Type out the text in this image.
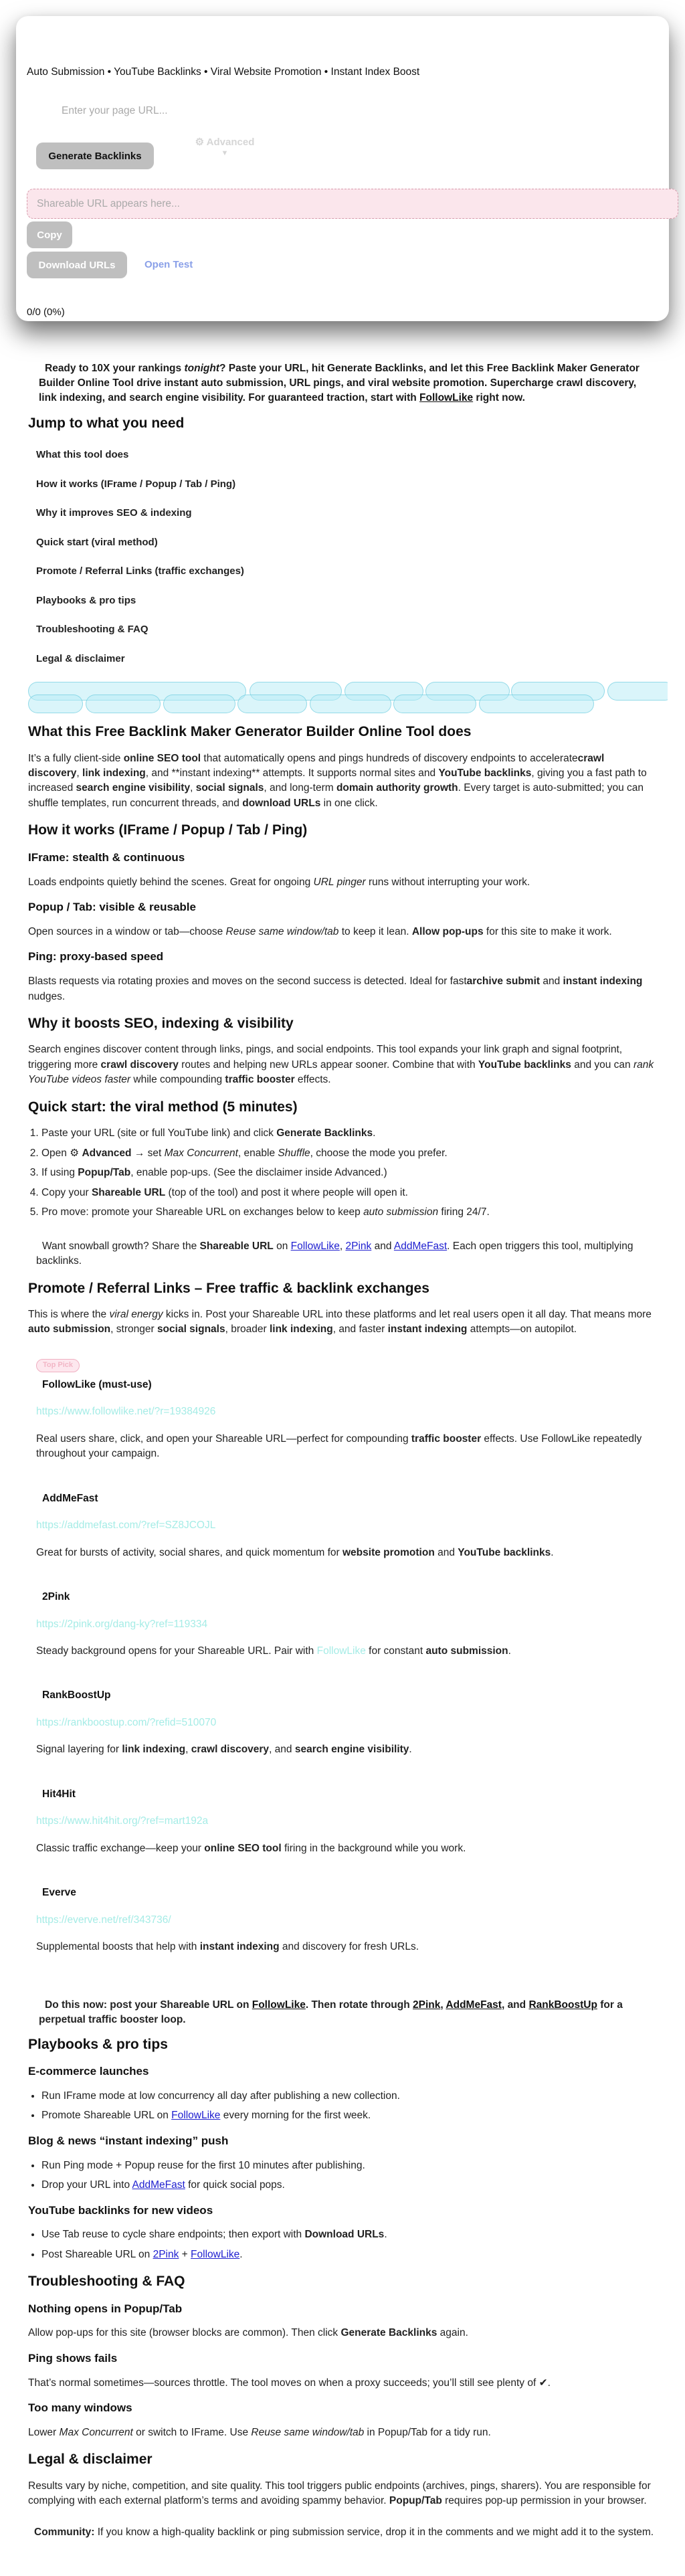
Auto Submission • YouTube Backlinks • Viral Website Promotion • Instant Index Boost
Enter your page URL...
Generate Backlinks
⚙ Advanced
▼
Shareable URL appears here...
Copy
Download URLs	Open Test
0/0 (0%)

Ready to 10X your rankings tonight? Paste your URL, hit Generate Backlinks, and let this Free Backlink Maker Generator Builder Online Tool drive instant auto submission, URL pings, and viral website promotion. Supercharge crawl discovery, link indexing, and search engine visibility. For guaranteed traction, start with FollowLike right now.

Jump to what you need
What this tool does
How it works (IFrame / Popup / Tab / Ping)
Why it improves SEO & indexing
Quick start (viral method)
Promote / Referral Links (traffic exchanges)
Playbooks & pro tips
Troubleshooting & FAQ
Legal & disclaimer
What this Free Backlink Maker Generator Builder Online Tool does

It’s a fully client-side online SEO tool that automatically opens and pings hundreds of discovery endpoints to acceleratecrawl discovery, link indexing, and **instant indexing** attempts. It supports normal sites and YouTube backlinks, giving you a fast path to increased search engine visibility, social signals, and long-term domain authority growth. Every target is auto-submitted; you can shuffle templates, run concurrent threads, and download URLs in one click.

How it works (IFrame / Popup / Tab / Ping)
IFrame: stealth & continuous

Loads endpoints quietly behind the scenes. Great for ongoing URL pinger runs without interrupting your work.

Popup / Tab: visible & reusable

Open sources in a window or tab—choose Reuse same window/tab to keep it lean. Allow pop-ups for this site to make it work.

Ping: proxy-based speed

Blasts requests via rotating proxies and moves on the second success is detected. Ideal for fastarchive submit and instant indexing nudges.

Why it boosts SEO, indexing & visibility

Search engines discover content through links, pings, and social endpoints. This tool expands your link graph and signal footprint, triggering more crawl discovery routes and helping new URLs appear sooner. Combine that with YouTube backlinks and you can rank YouTube videos faster while compounding traffic booster effects.

Quick start: the viral method (5 minutes)
1. Paste your URL (site or full YouTube link) and click Generate Backlinks.
2. Open ⚙ Advanced → set Max Concurrent, enable Shuffle, choose the mode you prefer.
3. If using Popup/Tab, enable pop-ups. (See the disclaimer inside Advanced.)
4. Copy your Shareable URL (top of the tool) and post it where people will open it.
5. Pro move: promote your Shareable URL on exchanges below to keep auto submission firing 24/7.

Want snowball growth? Share the Shareable URL on FollowLike, 2Pink and AddMeFast. Each open triggers this tool, multiplying backlinks.

Promote / Referral Links – Free traffic & backlink exchanges

This is where the viral energy kicks in. Post your Shareable URL into these platforms and let real users open it all day. That means more auto submission, stronger social signals, broader link indexing, and faster instant indexing attempts—on autopilot.

Top Pick
FollowLike (must-use)
https://www.followlike.net/?r=19384926

Real users share, click, and open your Shareable URL—perfect for compounding traffic booster effects. Use FollowLike repeatedly throughout your campaign.

AddMeFast
https://addmefast.com/?ref=SZ8JCOJL

Great for bursts of activity, social shares, and quick momentum for website promotion and YouTube backlinks.

2Pink
https://2pink.org/dang-ky?ref=119334

Steady background opens for your Shareable URL. Pair with FollowLike for constant auto submission.

RankBoostUp
https://rankboostup.com/?refid=510070

Signal layering for link indexing, crawl discovery, and search engine visibility.

Hit4Hit
https://www.hit4hit.org/?ref=mart192a

Classic traffic exchange—keep your online SEO tool firing in the background while you work.

Everve
https://everve.net/ref/343736/

Supplemental boosts that help with instant indexing and discovery for fresh URLs.

Do this now: post your Shareable URL on FollowLike. Then rotate through 2Pink, AddMeFast, and RankBoostUp for a perpetual traffic booster loop.

Playbooks & pro tips
E-commerce launches
• Run IFrame mode at low concurrency all day after publishing a new collection.
• Promote Shareable URL on FollowLike every morning for the first week.
Blog & news “instant indexing” push
• Run Ping mode + Popup reuse for the first 10 minutes after publishing.
• Drop your URL into AddMeFast for quick social pops.
YouTube backlinks for new videos
• Use Tab reuse to cycle share endpoints; then export with Download URLs.
• Post Shareable URL on 2Pink + FollowLike.
Troubleshooting & FAQ
Nothing opens in Popup/Tab

Allow pop-ups for this site (browser blocks are common). Then click Generate Backlinks again.

Ping shows fails

That’s normal sometimes—sources throttle. The tool moves on when a proxy succeeds; you’ll still see plenty of ✔.

Too many windows

Lower Max Concurrent or switch to IFrame. Use Reuse same window/tab in Popup/Tab for a tidy run.

Legal & disclaimer

Results vary by niche, competition, and site quality. This tool triggers public endpoints (archives, pings, sharers). You are responsible for complying with each external platform’s terms and avoiding spammy behavior. Popup/Tab requires pop-up permission in your browser.

Community: If you know a high-quality backlink or ping submission service, drop it in the comments and we might add it to the system.
